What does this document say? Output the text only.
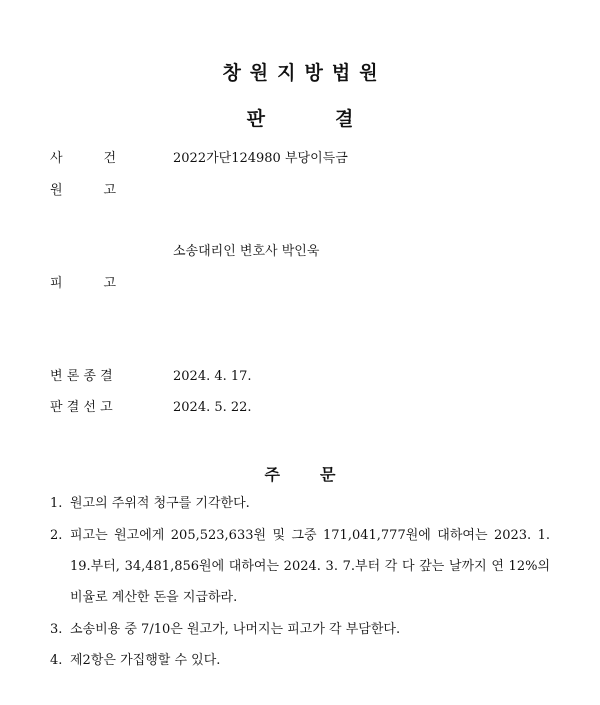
창원지방법원
판	결
사	건	2022가단124980 부당이득금
원	고
소송대리인 변호사 박인욱
피	고
변 론 종 결	2024. 4. 17.
판 결 선 고	2024. 5. 22.
주	문
1. 원고의 주위적 청구를 기각한다.
2. 피고는 원고에게 205,523,633원 및 그중 171,041,777원에 대하여는 2023. 1. 19.부터, 34,481,856원에 대하여는 2024. 3. 7.부터 각 다 갚는 날까지 연 12%의 비율로 계산한 돈을 지급하라.
3. 소송비용 중 7/10은 원고가, 나머지는 피고가 각 부담한다.
4. 제2항은 가집행할 수 있다.
